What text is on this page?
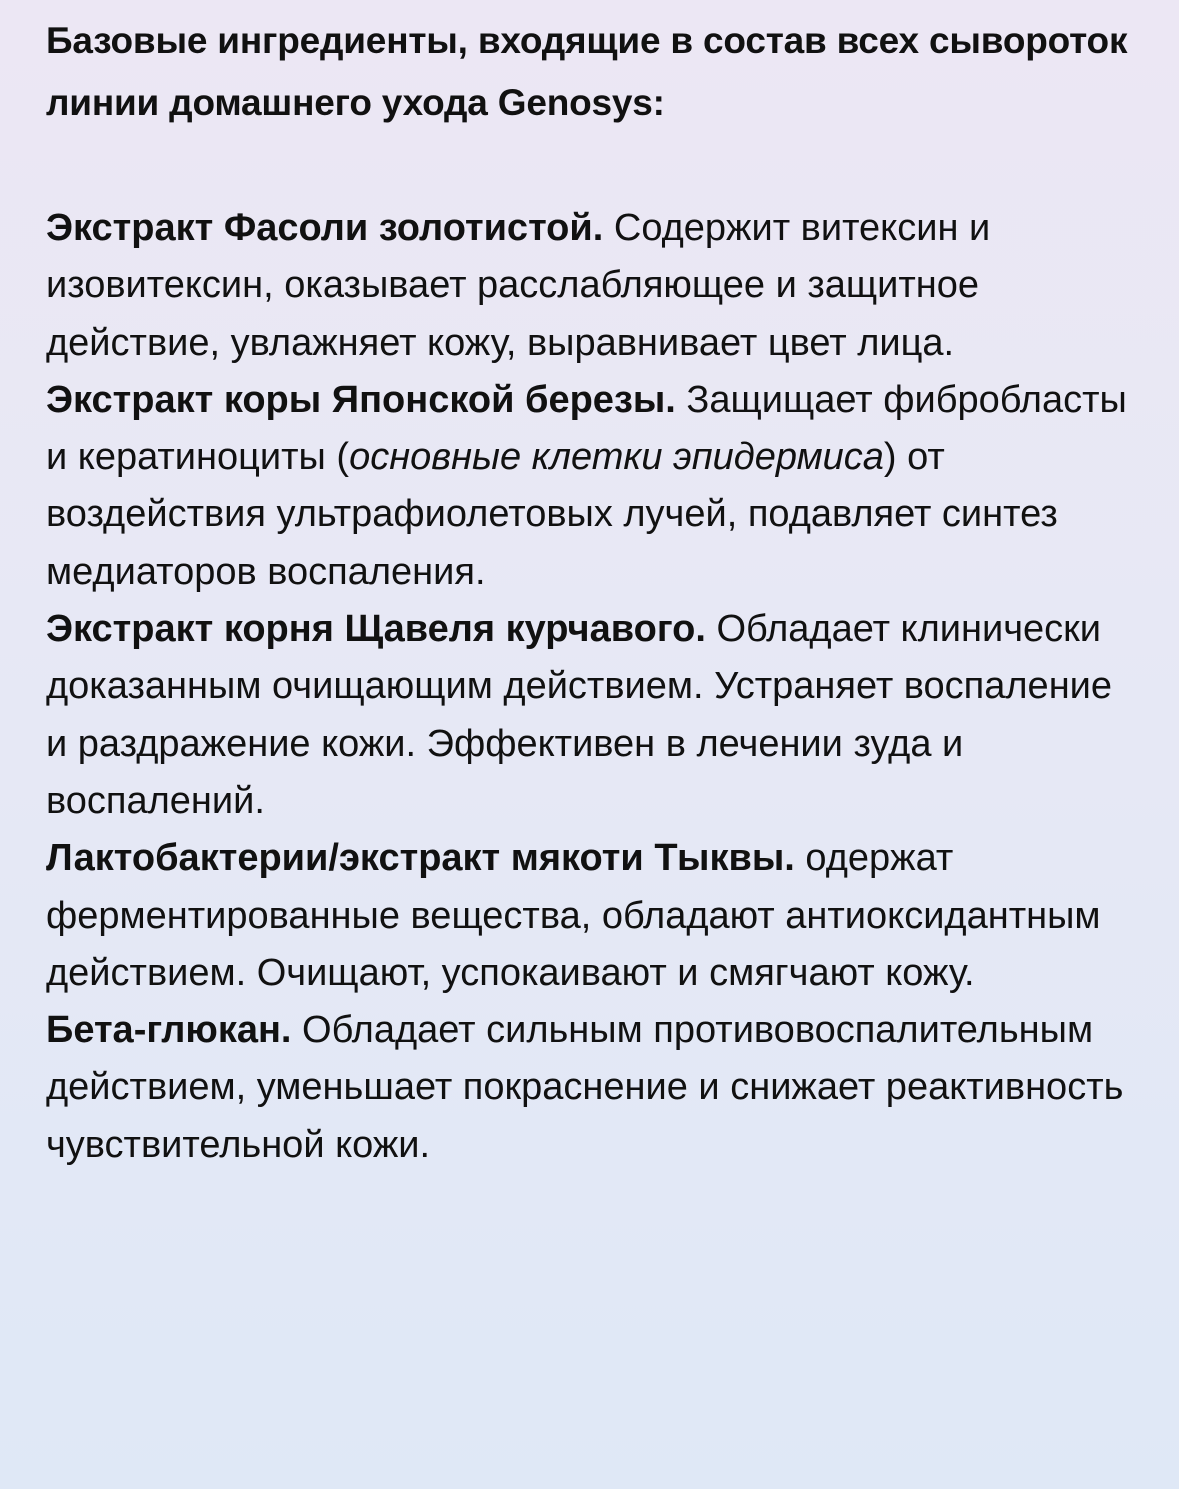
Базовые ингредиенты, входящие в состав всех сывороток линии домашнего ухода Genosys:
Экстракт Фасоли золотистой. Содержит витексин и изовитексин, оказывает расслабляющее и защитное действие, увлажняет кожу, выравнивает цвет лица.
Экстракт коры Японской березы. Защищает фибробласты и кератиноциты (основные клетки эпидермиса) от воздействия ультрафиолетовых лучей, подавляет синтез медиаторов воспаления.
Экстракт корня Щавеля курчавого. Обладает клинически доказанным очищающим действием. Устраняет воспаление и раздражение кожи. Эффективен в лечении зуда и воспалений.
Лактобактерии/экстракт мякоти Тыквы. одержат ферментированные вещества, обладают антиоксидантным действием. Очищают, успокаивают и смягчают кожу.
Бета-глюкан. Обладает сильным противовоспалительным действием, уменьшает покраснение и снижает реактивность чувствительной кожи.
